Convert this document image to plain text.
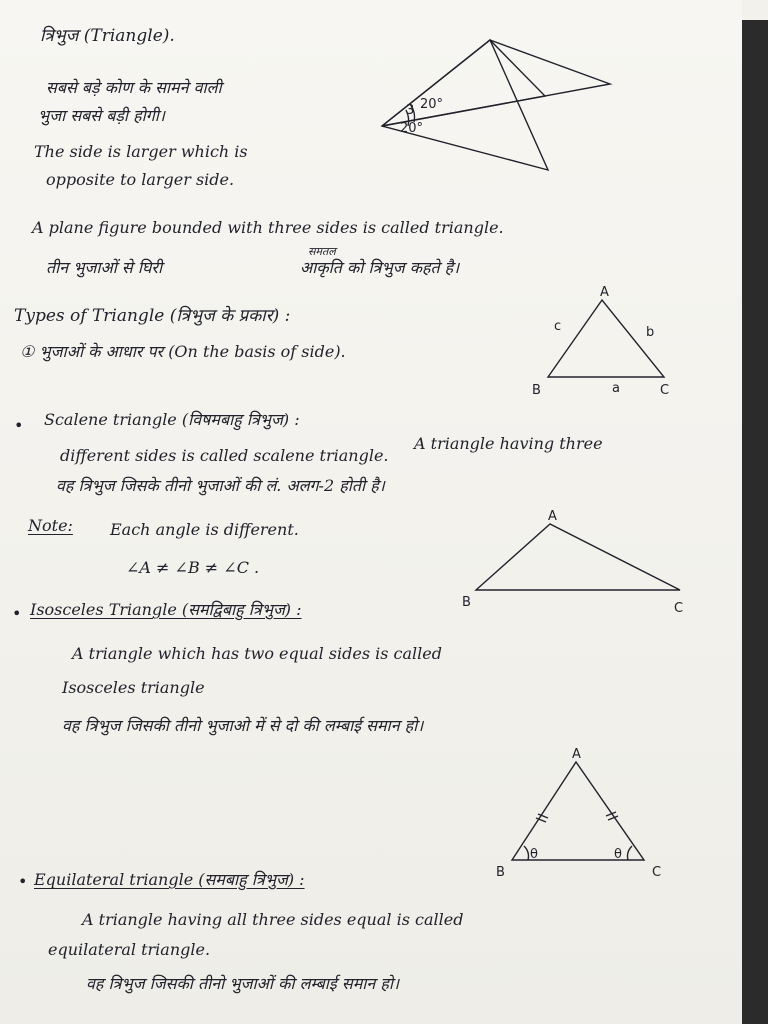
त्रिभुज (Triangle).
सबसे बड़े कोण के सामने वाली
भुजा सबसे बड़ी होगी।
The side is larger which is
opposite to larger side.
20°
3
20°
A plane figure bounded with three sides is called triangle.
समतल
तीन भुजाओं से घिरी	आकृति को त्रिभुज कहते है।
Types of Triangle (त्रिभुज के प्रकार) :
① भुजाओं के आधार पर (On the basis of side).
A
B	C
a
b
c
• Scalene triangle (विषमबाहु त्रिभुज) :
A triangle having three
different sides is called scalene triangle.
वह त्रिभुज जिसके तीनो भुजाओं की लं. अलग-2 होती है।
Note: Each angle is different.
∠A ≠ ∠B ≠ ∠C .
A
B	C
• Isosceles Triangle (समद्विबाहु त्रिभुज) :
A triangle which has two equal sides is called
Isosceles triangle
वह त्रिभुज जिसकी तीनो भुजाओ में से दो की लम्बाई समान हो।
A
B	C
θ	θ
• Equilateral triangle (समबाहु त्रिभुज) :
A triangle having all three sides equal is called
equilateral triangle.
वह त्रिभुज जिसकी तीनो भुजाओं की लम्बाई समान हो।
